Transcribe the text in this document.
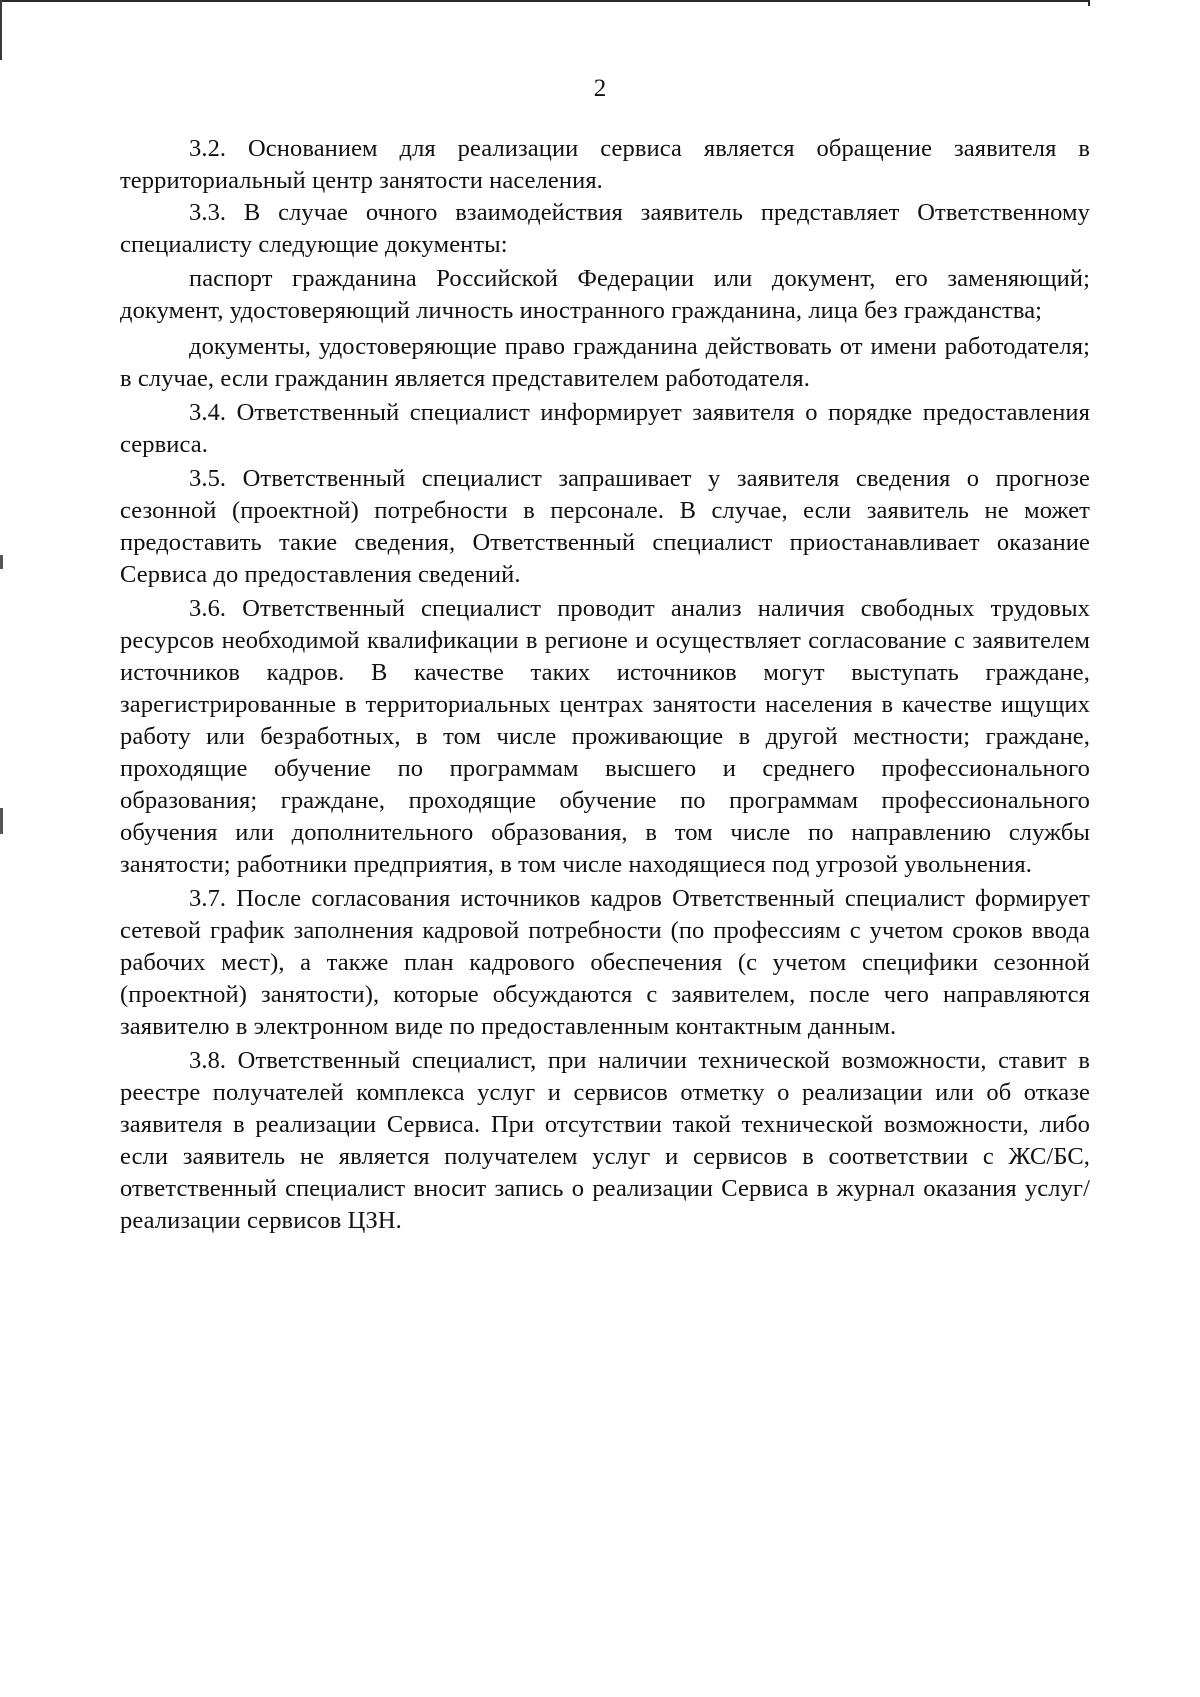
2

3.2. Основанием для реализации сервиса является обращение заявителя в территориальный центр занятости населения.

3.3. В случае очного взаимодействия заявитель представляет Ответственному специалисту следующие документы:

паспорт гражданина Российской Федерации или документ, его заменяющий; документ, удостоверяющий личность иностранного гражданина, лица без гражданства;

документы, удостоверяющие право гражданина действовать от имени работодателя; в случае, если гражданин является представителем работодателя.

3.4. Ответственный специалист информирует заявителя о порядке предоставления сервиса.

3.5. Ответственный специалист запрашивает у заявителя сведения о прогнозе сезонной (проектной) потребности в персонале. В случае, если заявитель не может предоставить такие сведения, Ответственный специалист приостанавливает оказание Сервиса до предоставления сведений.

3.6. Ответственный специалист проводит анализ наличия свободных трудовых ресурсов необходимой квалификации в регионе и осуществляет согласование с заявителем источников кадров. В качестве таких источников могут выступать граждане, зарегистрированные в территориальных центрах занятости населения в качестве ищущих работу или безработных, в том числе проживающие в другой местности; граждане, проходящие обучение по программам высшего и среднего профессионального образования; граждане, проходящие обучение по программам профессионального обучения или дополнительного образования, в том числе по направлению службы занятости; работники предприятия, в том числе находящиеся под угрозой увольнения.

3.7. После согласования источников кадров Ответственный специалист формирует сетевой график заполнения кадровой потребности (по профессиям с учетом сроков ввода рабочих мест), а также план кадрового обеспечения (с учетом специфики сезонной (проектной) занятости), которые обсуждаются с заявителем, после чего направляются заявителю в электронном виде по предоставленным контактным данным.

3.8. Ответственный специалист, при наличии технической возможности, ставит в реестре получателей комплекса услуг и сервисов отметку о реализации или об отказе заявителя в реализации Сервиса. При отсутствии такой технической возможности, либо если заявитель не является получателем услуг и сервисов в соответствии с ЖС/БС, ответственный специалист вносит запись о реализации Сервиса в журнал оказания услуг/ реализации сервисов ЦЗН.
